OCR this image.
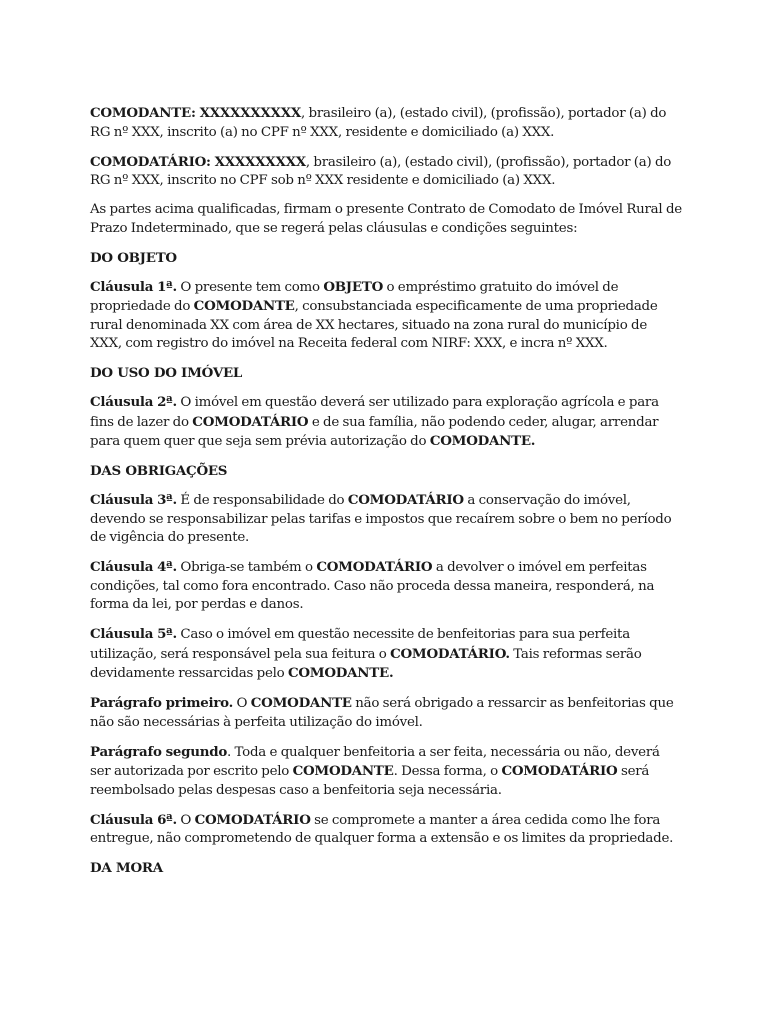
COMODANTE: XXXXXXXXXX, brasileiro (a), (estado civil), (profissão), portador (a) do RG nº XXX, inscrito (a) no CPF nº XXX, residente e domiciliado (a) XXX.

COMODATÁRIO: XXXXXXXXX, brasileiro (a), (estado civil), (profissão), portador (a) do RG nº XXX, inscrito no CPF sob nº XXX residente e domiciliado (a) XXX.

As partes acima qualificadas, firmam o presente Contrato de Comodato de Imóvel Rural de Prazo Indeterminado, que se regerá pelas cláusulas e condições seguintes:

DO OBJETO

Cláusula 1ª. O presente tem como OBJETO o empréstimo gratuito do imóvel de propriedade do COMODANTE, consubstanciada especificamente de uma propriedade rural denominada XX com área de XX hectares, situado na zona rural do município de XXX, com registro do imóvel na Receita federal com NIRF: XXX, e incra nº XXX.

DO USO DO IMÓVEL

Cláusula 2ª. O imóvel em questão deverá ser utilizado para exploração agrícola e para fins de lazer do COMODATÁRIO e de sua família, não podendo ceder, alugar, arrendar para quem quer que seja sem prévia autorização do COMODANTE.

DAS OBRIGAÇÕES

Cláusula 3ª. É de responsabilidade do COMODATÁRIO a conservação do imóvel, devendo se responsabilizar pelas tarifas e impostos que recaírem sobre o bem no período de vigência do presente.

Cláusula 4ª. Obriga-se também o COMODATÁRIO a devolver o imóvel em perfeitas condições, tal como fora encontrado. Caso não proceda dessa maneira, responderá, na forma da lei, por perdas e danos.

Cláusula 5ª. Caso o imóvel em questão necessite de benfeitorias para sua perfeita utilização, será responsável pela sua feitura o COMODATÁRIO. Tais reformas serão devidamente ressarcidas pelo COMODANTE.

Parágrafo primeiro. O COMODANTE não será obrigado a ressarcir as benfeitorias que não são necessárias à perfeita utilização do imóvel.

Parágrafo segundo. Toda e qualquer benfeitoria a ser feita, necessária ou não, deverá ser autorizada por escrito pelo COMODANTE. Dessa forma, o COMODATÁRIO será reembolsado pelas despesas caso a benfeitoria seja necessária.

Cláusula 6ª. O COMODATÁRIO se compromete a manter a área cedida como lhe fora entregue, não comprometendo de qualquer forma a extensão e os limites da propriedade.

DA MORA
